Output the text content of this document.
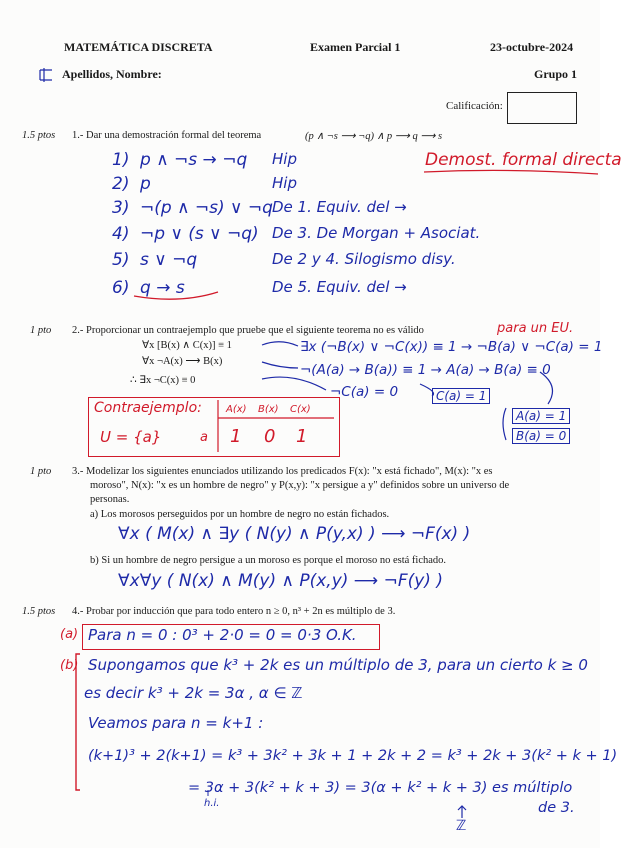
MATEMÁTICA DISCRETA	Examen Parcial 1	23-octubre-2024
Apellidos, Nombre:	Grupo 1
Calificación:
1.5 ptos 1.- Dar una demostración formal del teorema	(p ∧ ¬s ⟶ ¬q) ∧ p ⟶ q ⟶ s
Demost. formal directa
1) p ∧ ¬s → ¬q Hip
2) p	Hip
3) ¬(p ∧ ¬s) ∨ ¬q De 1. Equiv. del →
4) ¬p ∨ (s ∨ ¬q) De 3. De Morgan + Asociat.
5) s ∨ ¬q	De 2 y 4. Silogismo disy.
6) q → s	De 5. Equiv. del →
1 pto 2.- Proporcionar un contraejemplo que pruebe que el siguiente teorema no es válido	para un EU.
∀x [B(x) ∧ C(x)] ≡ 1
∀x ¬A(x) ⟶ B(x)
∴ ∃x ¬C(x) ≡ 0
∃x (¬B(x) ∨ ¬C(x)) ≡ 1 → ¬B(a) ∨ ¬C(a) = 1
¬(A(a) → B(a)) ≡ 1 → A(a) → B(a) ≡ 0
¬C(a) = 0	C(a) = 1
A(a) = 1
B(a) = 0
Contraejemplo:
U = {a}
A(x) B(x) C(x)
a 1 0 1
1 pto 3.- Modelizar los siguientes enunciados utilizando los predicados F(x): "x está fichado", M(x): "x es
moroso", N(x): "x es un hombre de negro" y P(x,y): "x persigue a y" definidos sobre un universo de
personas.
a) Los morosos perseguidos por un hombre de negro no están fichados.
∀x ( M(x) ∧ ∃y ( N(y) ∧ P(y,x) ) ⟶ ¬F(x) )
b) Si un hombre de negro persigue a un moroso es porque el moroso no está fichado.
∀x∀y ( N(x) ∧ M(y) ∧ P(x,y) ⟶ ¬F(y) )
1.5 ptos 4.- Probar por inducción que para todo entero n ≥ 0, n³ + 2n es múltiplo de 3.
(a)
(b)
Para n = 0 : 0³ + 2·0 = 0 = 0·3 O.K.
Supongamos que k³ + 2k es un múltiplo de 3, para un cierto k ≥ 0
es decir k³ + 2k = 3α , α ∈ ℤ
Veamos para n = k+1 :
(k+1)³ + 2(k+1) = k³ + 3k² + 3k + 1 + 2k + 2 = k³ + 2k + 3(k² + k + 1)
= 3α + 3(k² + k + 3) = 3(α + k² + k + 3) es múltiplo
de 3.
h.i.
ℤ
